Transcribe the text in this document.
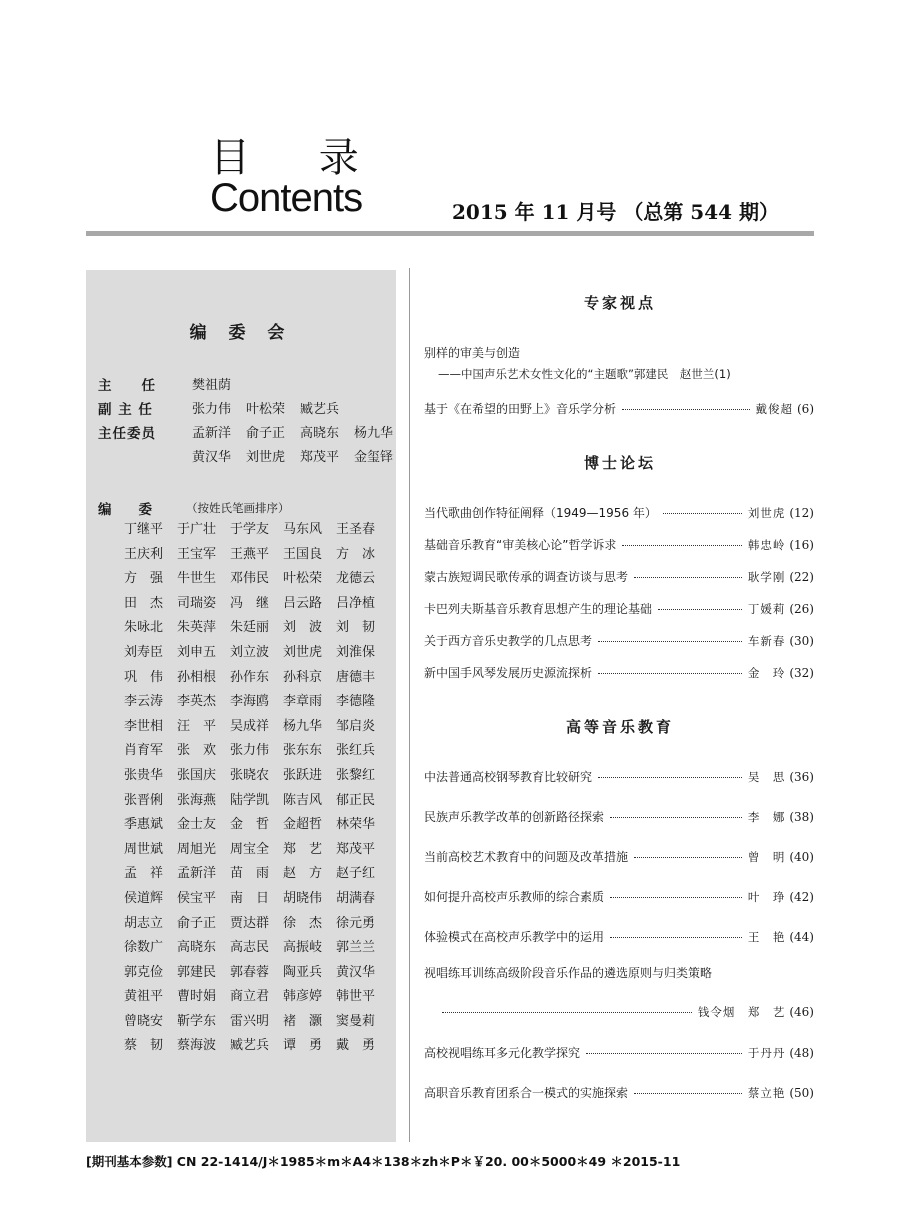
目 录
Contents	2015 年 11 月号 （总第 544 期）
编 委 会
主　　任	樊祖荫
副 主 任	张力伟 叶松荣 臧艺兵
主任委员	孟新洋 俞子正 高晓东 杨九华
黄汉华 刘世虎 郑茂平 金玺铎
编　　委	（按姓氏笔画排序）
丁继平	于广壮	于学友	马东风	王圣春
王庆利	王宝军	王燕平	王国良	方　冰
方　强	牛世生	邓伟民	叶松荣	龙德云
田　杰	司瑞姿	冯　继	吕云路	吕净植
朱咏北	朱英萍	朱廷丽	刘　波	刘　韧
刘寿臣	刘申五	刘立波	刘世虎	刘淮保
巩　伟	孙相根	孙作东	孙科京	唐德丰
李云涛	李英杰	李海鸥	李章雨	李德隆
李世相	汪　平	吴成祥	杨九华	邹启炎
肖育军	张　欢	张力伟	张东东	张红兵
张贵华	张国庆	张晓农	张跃进	张黎红
张晋俐	张海燕	陆学凯	陈吉风	郁正民
季惠斌	金士友	金　哲	金超哲	林荣华
周世斌	周旭光	周宝全	郑　艺	郑茂平
孟　祥	孟新洋	苗　雨	赵　方	赵子红
侯道辉	侯宝平	南　日	胡晓伟	胡满春
胡志立	俞子正	贾达群	徐　杰	徐元勇
徐数广	高晓东	高志民	高振岐	郭兰兰
郭克俭	郭建民	郭春蓉	陶亚兵	黄汉华
黄祖平	曹时娟	商立君	韩彦婷	韩世平
曾晓安	靳学东	雷兴明	褚　灏	窦曼莉
蔡　韧	蔡海波	臧艺兵	谭　勇	戴　勇
专家视点
博士论坛
高等音乐教育
别样的审美与创造
——中国声乐艺术女性文化的“主题歌” 郭建民　赵世兰 (1)
基于《在希望的田野上》音乐学分析	戴俊超 (6)
当代歌曲创作特征阐释（1949—1956 年）	刘世虎 (12)
基础音乐教育“审美核心论”哲学诉求	韩忠岭 (16)
蒙古族短调民歌传承的调查访谈与思考	耿学刚 (22)
卡巴列夫斯基音乐教育思想产生的理论基础	丁媛莉 (26)
关于西方音乐史教学的几点思考	车新春 (30)
新中国手风琴发展历史源流探析	金　玲 (32)
中法普通高校钢琴教育比较研究	吴　思 (36)
民族声乐教学改革的创新路径探索	李　娜 (38)
当前高校艺术教育中的问题及改革措施	曾　明 (40)
如何提升高校声乐教师的综合素质	叶　琤 (42)
体验模式在高校声乐教学中的运用	王　艳 (44)
视唱练耳训练高级阶段音乐作品的遴选原则与归类策略
钱令烟　郑　艺 (46)
高校视唱练耳多元化教学探究	于丹丹 (48)
高职音乐教育团系合一模式的实施探索	蔡立艳 (50)
[期刊基本参数] CN 22-1414/J＊1985＊m＊A4＊138＊zh＊P＊￥20. 00＊5000＊49 ＊2015-11
